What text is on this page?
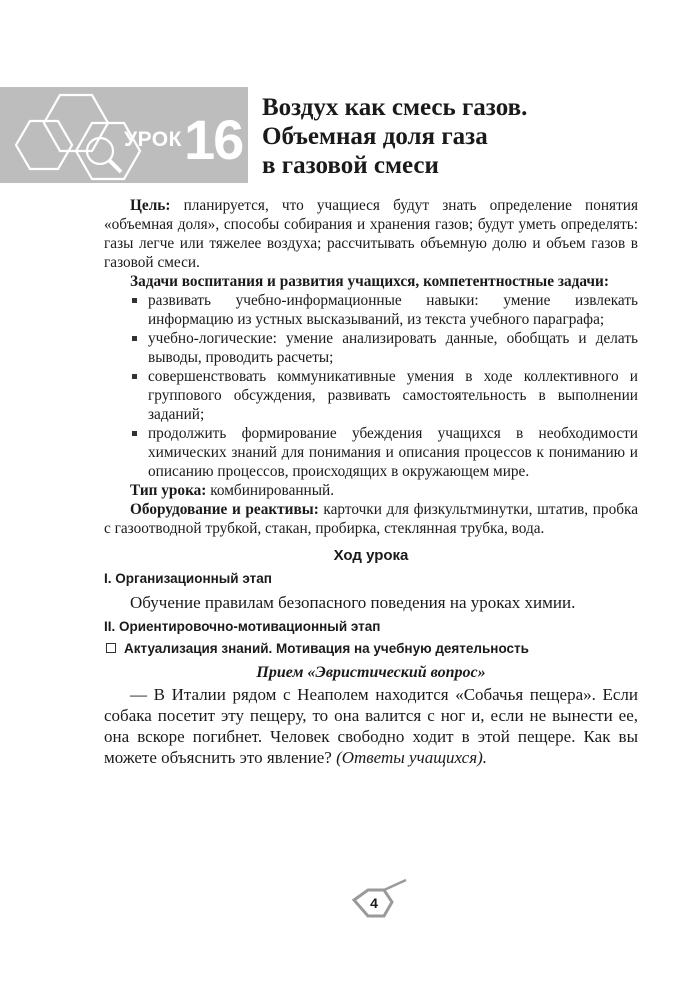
УРОК 16
Воздух как смесь газов.
Объемная доля газа
в газовой смеси

Цель: планируется, что учащиеся будут знать определение понятия «объемная доля», способы собирания и хранения газов; будут уметь определять: газы легче или тяжелее воздуха; рассчитывать объемную долю и объем газов в газовой смеси.

Задачи воспитания и развития учащихся, компетентностные задачи:

развивать учебно-информационные навыки: умение извлекать информацию из устных высказываний, из текста учебного параграфа;
учебно-логические: умение анализировать данные, обобщать и делать выводы, проводить расчеты;
совершенствовать коммуникативные умения в ходе коллективного и группового обсуждения, развивать самостоятельность в выполнении заданий;
продолжить формирование убеждения учащихся в необходимости химических знаний для понимания и описания процессов к пониманию и описанию процессов, происходящих в окружающем мире.

Тип урока: комбинированный.

Оборудование и реактивы: карточки для физкультминутки, штатив, пробка с газоотводной трубкой, стакан, пробирка, стеклянная трубка, вода.

Ход урока
I. Организационный этап

Обучение правилам безопасного поведения на уроках химии.

II. Ориентировочно-мотивационный этап
Актуализация знаний. Мотивация на учебную деятельность
Прием «Эвристический вопрос»

— В Италии рядом с Неаполем находится «Собачья пещера». Если собака посетит эту пещеру, то она валится с ног и, если не вынести ее, она вскоре погибнет. Человек свободно ходит в этой пещере. Как вы можете объяснить это явление? (Ответы учащихся).

4
